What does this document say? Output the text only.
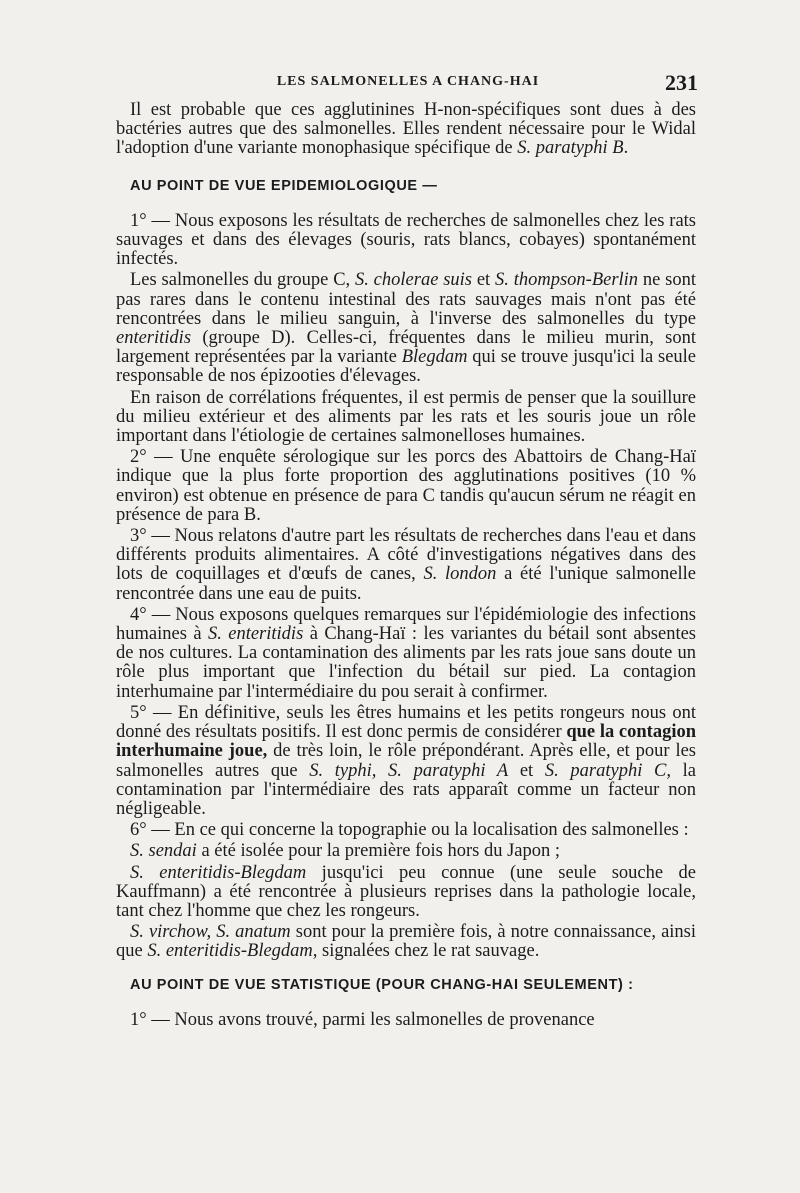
LES SALMONELLES A CHANG-HAI	231

Il est probable que ces agglutinines H-non-spécifiques sont dues à des bactéries autres que des salmonelles. Elles rendent nécessaire pour le Widal l'adoption d'une variante monophasique spécifique de S. paratyphi B.

AU POINT DE VUE EPIDEMIOLOGIQUE —

1° — Nous exposons les résultats de recherches de salmonelles chez les rats sauvages et dans des élevages (souris, rats blancs, cobayes) spontanément infectés.

Les salmonelles du groupe C, S. cholerae suis et S. thompson-Berlin ne sont pas rares dans le contenu intestinal des rats sauvages mais n'ont pas été rencontrées dans le milieu sanguin, à l'inverse des salmonelles du type enteritidis (groupe D). Celles-ci, fréquentes dans le milieu murin, sont largement représentées par la variante Blegdam qui se trouve jusqu'ici la seule responsable de nos épizooties d'élevages.

En raison de corrélations fréquentes, il est permis de penser que la souillure du milieu extérieur et des aliments par les rats et les souris joue un rôle important dans l'étiologie de certaines salmonelloses humaines.

2° — Une enquête sérologique sur les porcs des Abattoirs de Chang-Haï indique que la plus forte proportion des agglutinations positives (10 % environ) est obtenue en présence de para C tandis qu'aucun sérum ne réagit en présence de para B.

3° — Nous relatons d'autre part les résultats de recherches dans l'eau et dans différents produits alimentaires. A côté d'investigations négatives dans des lots de coquillages et d'œufs de canes, S. london a été l'unique salmonelle rencontrée dans une eau de puits.

4° — Nous exposons quelques remarques sur l'épidémiologie des infections humaines à S. enteritidis à Chang-Haï : les variantes du bétail sont absentes de nos cultures. La contamination des aliments par les rats joue sans doute un rôle plus important que l'infection du bétail sur pied. La contagion interhumaine par l'intermédiaire du pou serait à confirmer.

5° — En définitive, seuls les êtres humains et les petits rongeurs nous ont donné des résultats positifs. Il est donc permis de considérer que la contagion interhumaine joue, de très loin, le rôle prépondérant. Après elle, et pour les salmonelles autres que S. typhi, S. paratyphi A et S. paratyphi C, la contamination par l'intermédiaire des rats apparaît comme un facteur non négligeable.

6° — En ce qui concerne la topographie ou la localisation des salmonelles :

S. sendai a été isolée pour la première fois hors du Japon ;

S. enteritidis-Blegdam jusqu'ici peu connue (une seule souche de Kauffmann) a été rencontrée à plusieurs reprises dans la pathologie locale, tant chez l'homme que chez les rongeurs.

S. virchow, S. anatum sont pour la première fois, à notre connaissance, ainsi que S. enteritidis-Blegdam, signalées chez le rat sauvage.

AU POINT DE VUE STATISTIQUE (POUR CHANG-HAI SEULEMENT) :

1° — Nous avons trouvé, parmi les salmonelles de provenance
